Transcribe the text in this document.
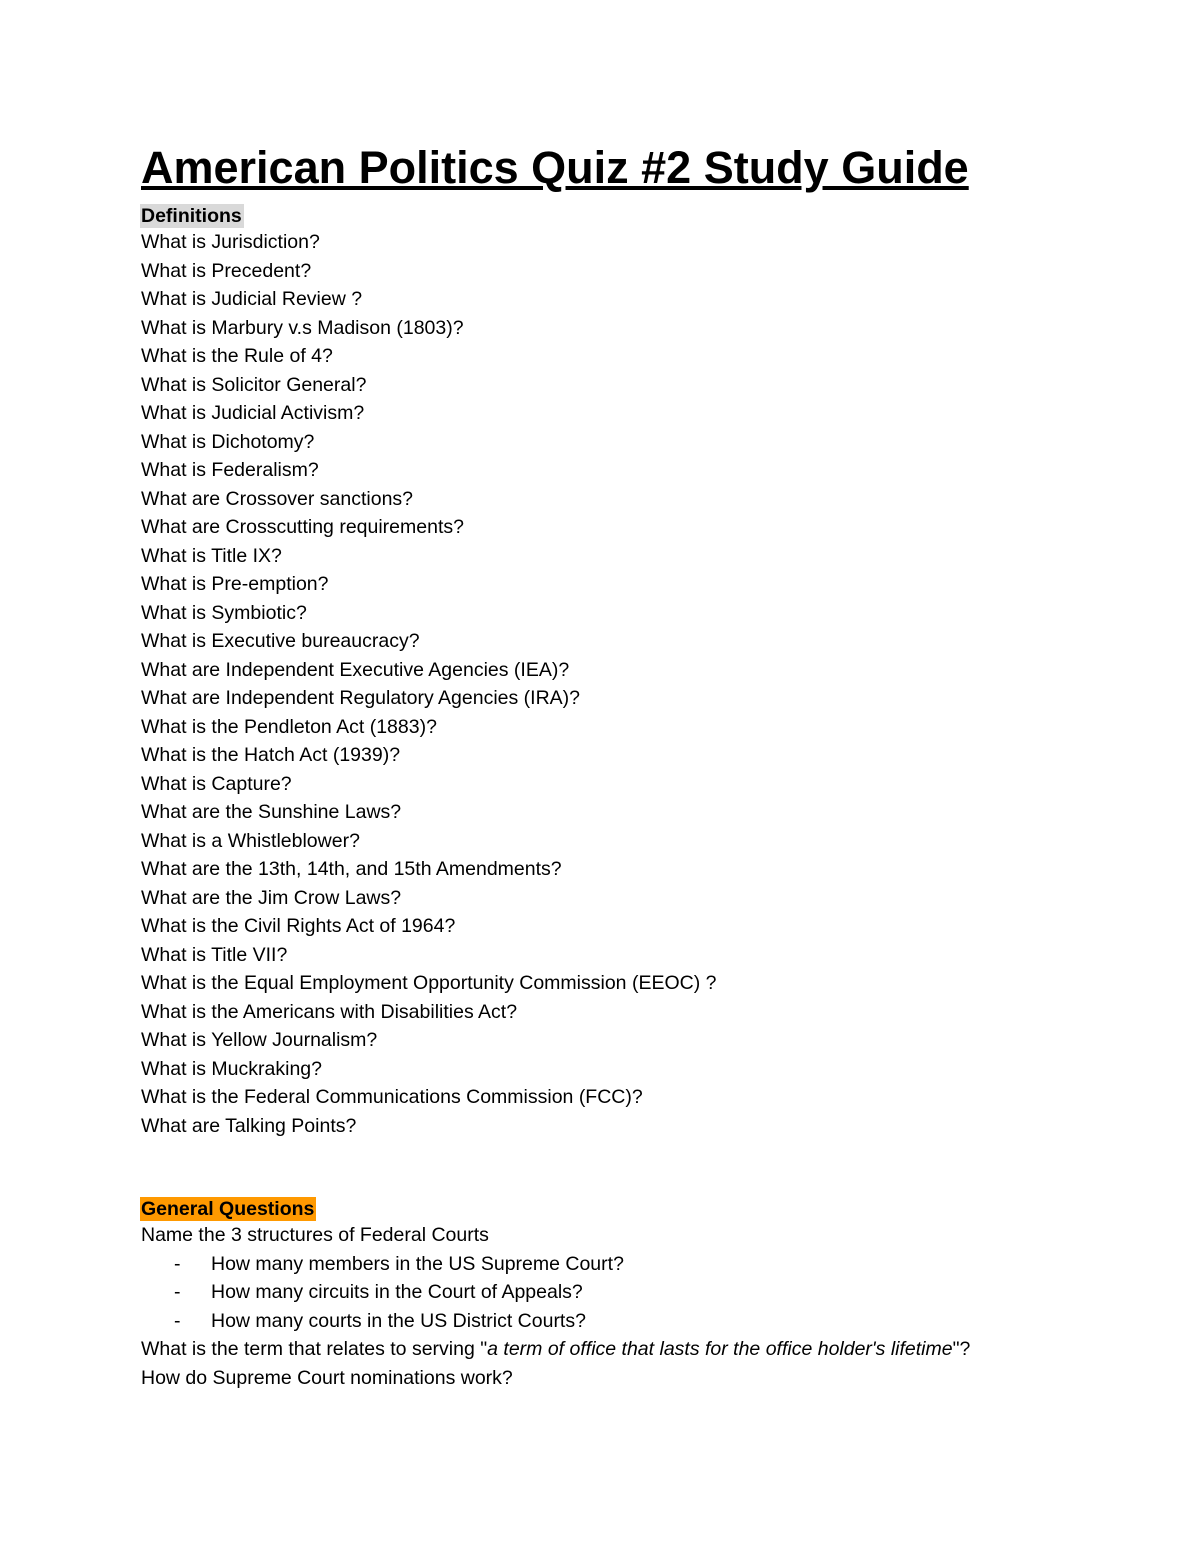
American Politics Quiz #2 Study Guide
Definitions
What is Jurisdiction?
What is Precedent?
What is Judicial Review ?
What is Marbury v.s Madison (1803)?
What is the Rule of 4?
What is Solicitor General?
What is Judicial Activism?
What is Dichotomy?
What is Federalism?
What are Crossover sanctions?
What are Crosscutting requirements?
What is Title IX?
What is Pre-emption?
What is Symbiotic?
What is Executive bureaucracy?
What are Independent Executive Agencies (IEA)?
What are Independent Regulatory Agencies (IRA)?
What is the Pendleton Act (1883)?
What is the Hatch Act (1939)?
What is Capture?
What are the Sunshine Laws?
What is a Whistleblower?
What are the 13th, 14th, and 15th Amendments?
What are the Jim Crow Laws?
What is the Civil Rights Act of 1964?
What is Title VII?
What is the Equal Employment Opportunity Commission (EEOC) ?
What is the Americans with Disabilities Act?
What is Yellow Journalism?
What is Muckraking?
What is the Federal Communications Commission (FCC)?
What are Talking Points?
General Questions
Name the 3 structures of Federal Courts
- How many members in the US Supreme Court?
- How many circuits in the Court of Appeals?
- How many courts in the US District Courts?
What is the term that relates to serving "a term of office that lasts for the office holder's lifetime"?
How do Supreme Court nominations work?
